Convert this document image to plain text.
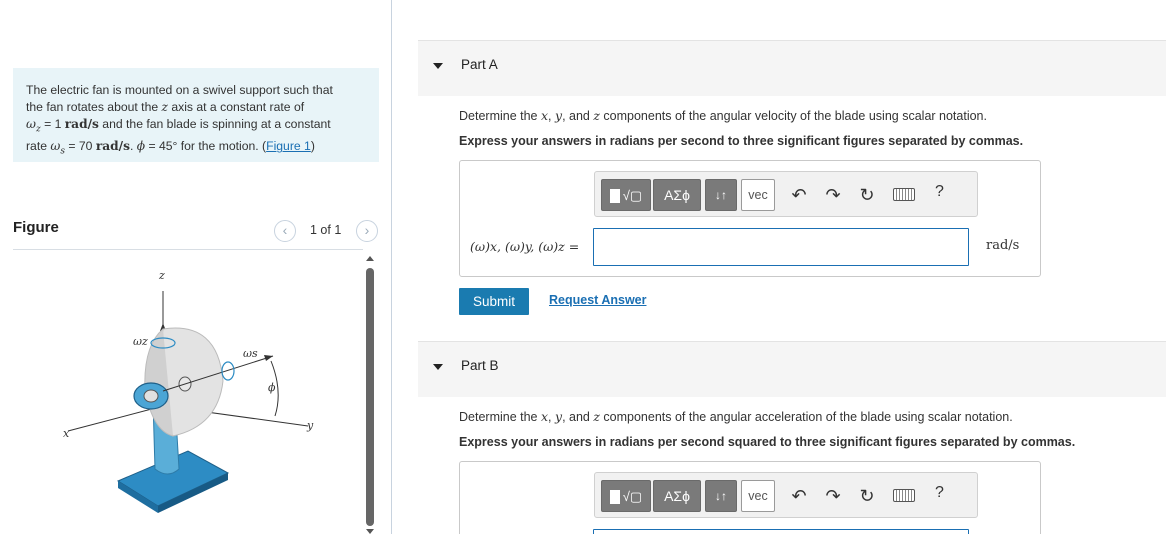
The electric fan is mounted on a swivel support such that
the fan rotates about the z axis at a constant rate of
$\omega_z = 1$ rad/s and the fan blade is spinning at a constant
rate $\omega_s = 70$ rad/s. ϕ = 45° for the motion. (Figure 1)
Figure	‹	1 of 1	›
z
x
y
ωz
ωs
ϕ
Part A
Determine the x, y, and z components of the angular velocity of the blade using scalar notation.
Express your answers in radians per second to three significant figures separated by commas.
√▢	ΑΣϕ	↓↑	vec	↶ ↷ ↻	?
(ω)x, (ω)y, (ω)z =	rad/s
Submit	Request Answer
Part B
Determine the x, y, and z components of the angular acceleration of the blade using scalar notation.
Express your answers in radians per second squared to three significant figures separated by commas.
√▢	ΑΣϕ	↓↑	vec	↶ ↷ ↻	?
